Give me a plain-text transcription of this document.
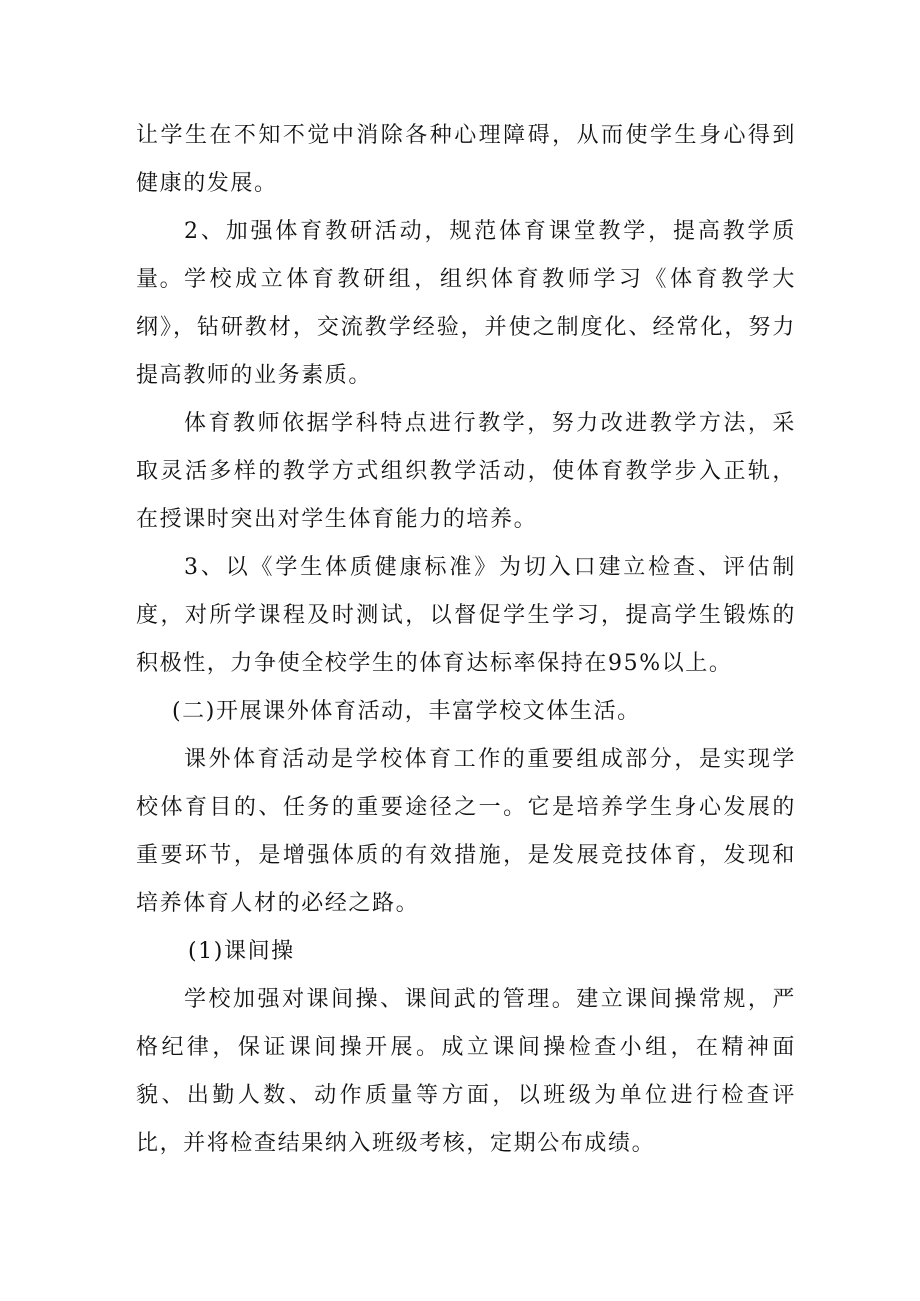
让学生在不知不觉中消除各种心理障碍，从而使学生身心得到健康的发展。

2、加强体育教研活动，规范体育课堂教学，提高教学质量。 学校成立体育教研组，组织体育教师学习《体育教学大纲》，钻研教材，交流教学经验，并使之制度化、经常化，努力提高教师的业务素质。

体育教师依据学科特点进行教学，努力改进教学方法，采取灵活多样的教学方式组织教学活动，使体育教学步入正轨，在授课时突出对学生体育能力的培养。

3、以《学生体质健康标准》为切入口建立检查、评估制度，对所学课程及时测试，以督促学生学习，提高学生锻炼的积极性，力争使全校学生的体育达标率保持在95%以上。

(二)开展课外体育活动，丰富学校文体生活。

课外体育活动是学校体育工作的重要组成部分，是实现学校体育目的、任务的重要途径之一。它是培养学生身心发展的重要环节，是增强体质的有效措施，是发展竞技体育，发现和培养体育人材的必经之路。

(1)课间操

学校加强对课间操、课间武的管理。建立课间操常规，严格纪律，保证课间操开展。成立课间操检查小组，在精神面貌、出勤人数、动作质量等方面，以班级为单位进行检查评比，并将检查结果纳入班级考核，定期公布成绩。
